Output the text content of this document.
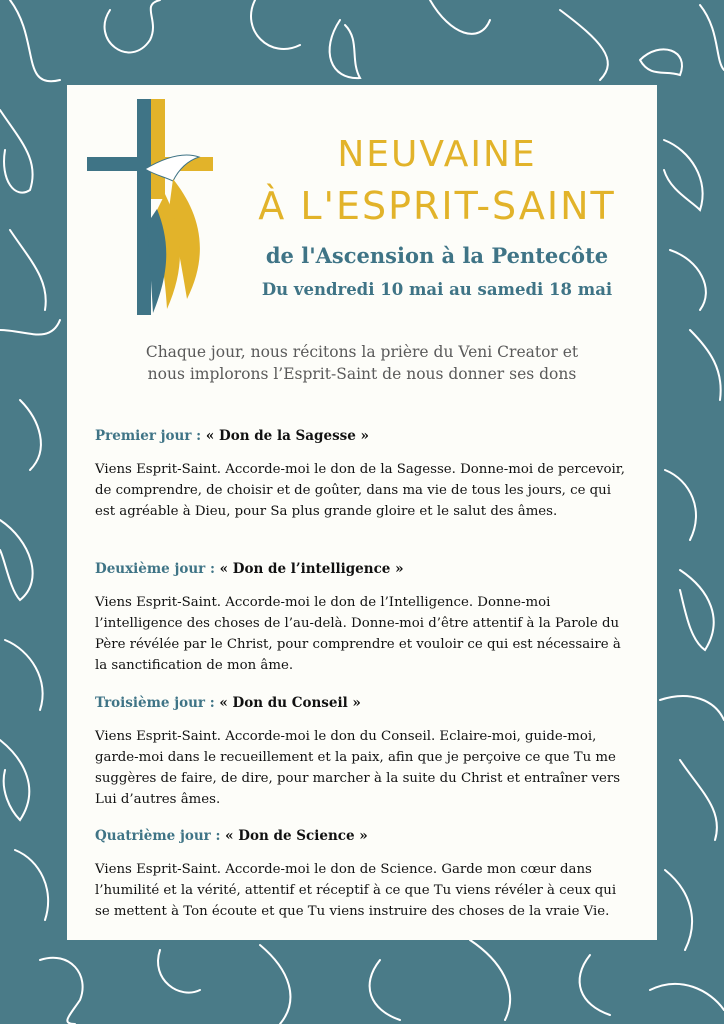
NEUVAINE
À L'ESPRIT-SAINT
de l'Ascension à la Pentecôte
Du vendredi 10 mai au samedi 18 mai

Chaque jour, nous récitons la prière du Veni Creator et
nous implorons l’Esprit-Saint de nous donner ses dons

Premier jour : « Don de la Sagesse »

Viens Esprit-Saint. Accorde-moi le don de la Sagesse. Donne-moi de percevoir, de comprendre, de choisir et de goûter, dans ma vie de tous les jours, ce qui est agréable à Dieu, pour Sa plus grande gloire et le salut des âmes.

Deuxième jour : « Don de l’intelligence »

Viens Esprit-Saint. Accorde-moi le don de l’Intelligence. Donne-moi l’intelligence des choses de l’au-delà. Donne-moi d’être attentif à la Parole du Père révélée par le Christ, pour comprendre et vouloir ce qui est nécessaire à la sanctification de mon âme.

Troisième jour : « Don du Conseil »

Viens Esprit-Saint. Accorde-moi le don du Conseil. Eclaire-moi, guide-moi, garde-moi dans le recueillement et la paix, afin que je perçoive ce que Tu me suggères de faire, de dire, pour marcher à la suite du Christ et entraîner vers Lui d’autres âmes.

Quatrième jour : « Don de Science »

Viens Esprit-Saint. Accorde-moi le don de Science. Garde mon cœur dans l’humilité et la vérité, attentif et réceptif à ce que Tu viens révéler à ceux qui se mettent à Ton écoute et que Tu viens instruire des choses de la vraie Vie.
